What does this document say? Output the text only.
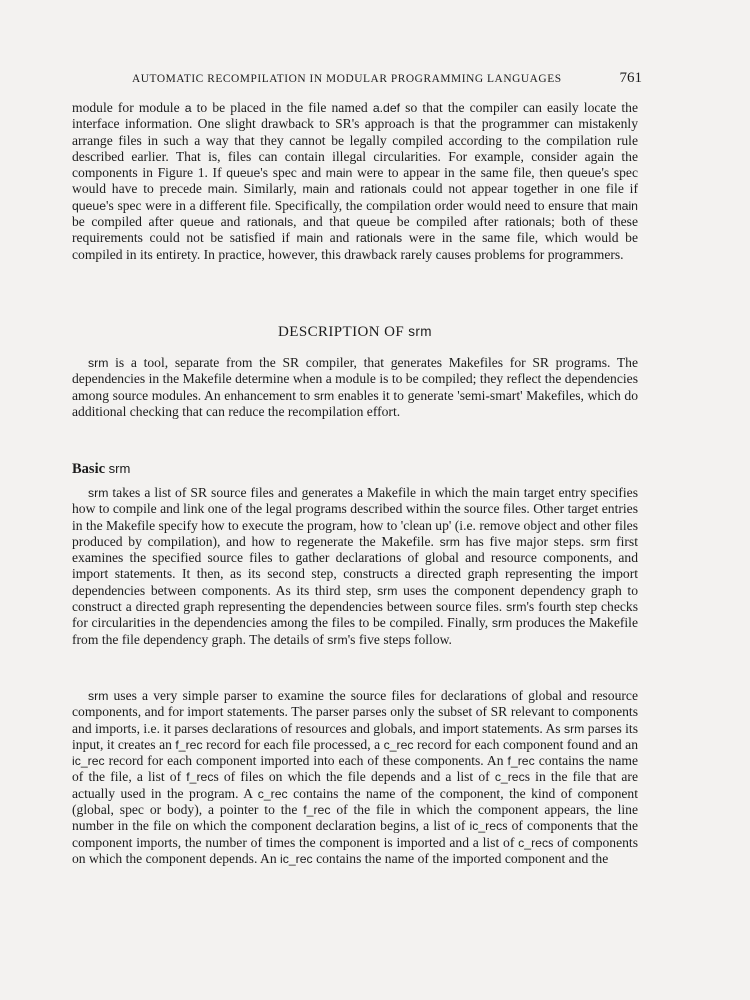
AUTOMATIC RECOMPILATION IN MODULAR PROGRAMMING LANGUAGES	761

module for module a to be placed in the file named a.def so that the compiler can easily locate the interface information. One slight drawback to SR's approach is that the programmer can mistakenly arrange files in such a way that they cannot be legally compiled according to the compilation rule described earlier. That is, files can contain illegal circularities. For example, consider again the components in Figure 1. If queue's spec and main were to appear in the same file, then queue's spec would have to precede main. Similarly, main and rationals could not appear together in one file if queue's spec were in a different file. Specifically, the compilation order would need to ensure that main be compiled after queue and rationals, and that queue be compiled after rationals; both of these requirements could not be satisfied if main and rationals were in the same file, which would be compiled in its entirety. In practice, however, this drawback rarely causes problems for programmers.

DESCRIPTION OF srm

srm is a tool, separate from the SR compiler, that generates Makefiles for SR programs. The dependencies in the Makefile determine when a module is to be compiled; they reflect the dependencies among source modules. An enhancement to srm enables it to generate 'semi-smart' Makefiles, which do additional checking that can reduce the recompilation effort.

Basic srm

srm takes a list of SR source files and generates a Makefile in which the main target entry specifies how to compile and link one of the legal programs described within the source files. Other target entries in the Makefile specify how to execute the program, how to 'clean up' (i.e. remove object and other files produced by compilation), and how to regenerate the Makefile. srm has five major steps. srm first examines the specified source files to gather declarations of global and resource components, and import statements. It then, as its second step, constructs a directed graph representing the import dependencies between components. As its third step, srm uses the component dependency graph to construct a directed graph representing the dependencies between source files. srm's fourth step checks for circularities in the dependencies among the files to be compiled. Finally, srm produces the Makefile from the file dependency graph. The details of srm's five steps follow.

srm uses a very simple parser to examine the source files for declarations of global and resource components, and for import statements. The parser parses only the subset of SR relevant to components and imports, i.e. it parses declarations of resources and globals, and import statements. As srm parses its input, it creates an f_rec record for each file processed, a c_rec record for each component found and an ic_rec record for each component imported into each of these components. An f_rec contains the name of the file, a list of f_recs of files on which the file depends and a list of c_recs in the file that are actually used in the program. A c_rec contains the name of the component, the kind of component (global, spec or body), a pointer to the f_rec of the file in which the component appears, the line number in the file on which the component declaration begins, a list of ic_recs of components that the component imports, the number of times the component is imported and a list of c_recs of components on which the component depends. An ic_rec contains the name of the imported component and the
